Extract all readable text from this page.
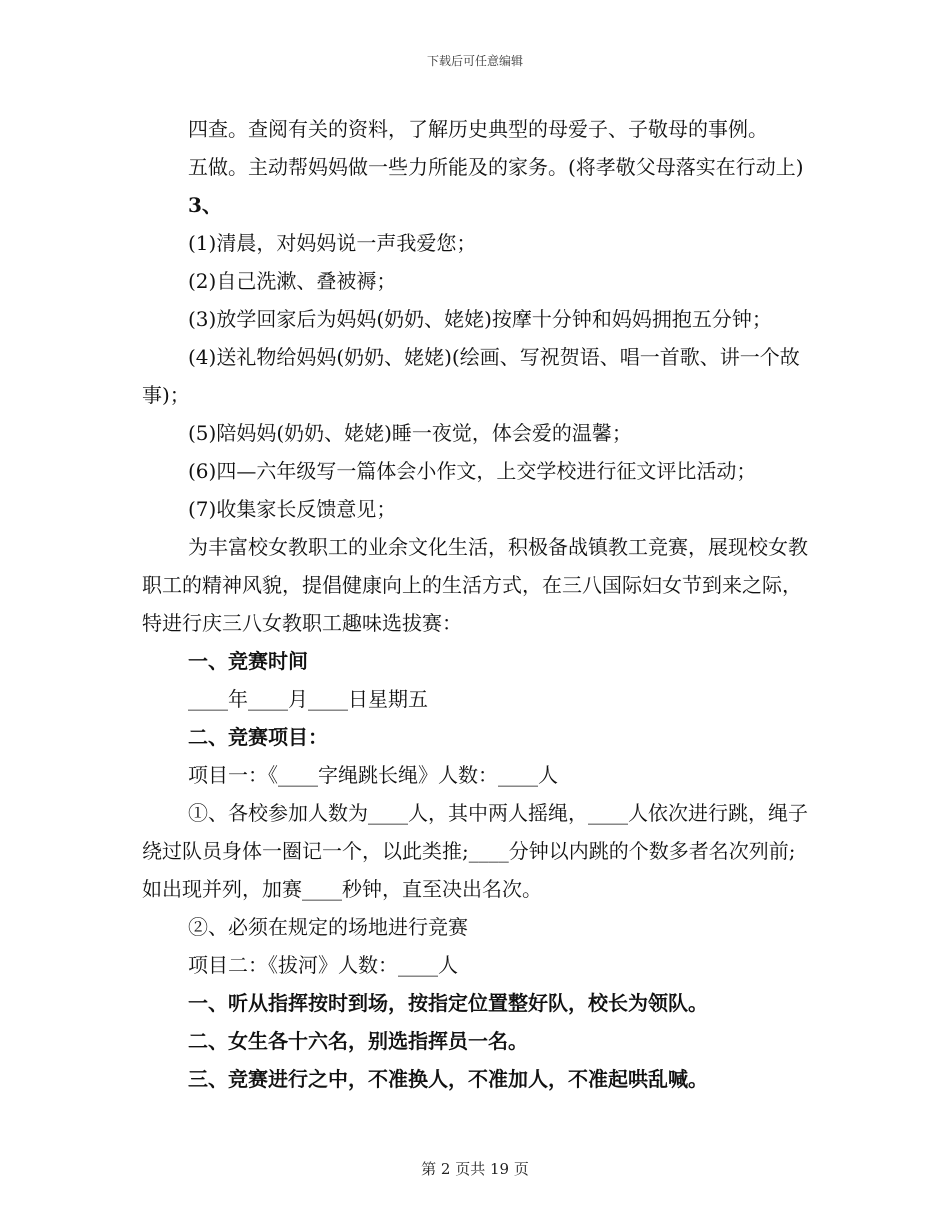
下载后可任意编辑

四查。查阅有关的资料，了解历史典型的母爱子、子敬母的事例。

五做。主动帮妈妈做一些力所能及的家务。(将孝敬父母落实在行动上)

3、

(1)清晨，对妈妈说一声我爱您；

(2)自己洗漱、叠被褥；

(3)放学回家后为妈妈(奶奶、姥姥)按摩十分钟和妈妈拥抱五分钟；

(4)送礼物给妈妈(奶奶、姥姥)(绘画、写祝贺语、唱一首歌、讲一个故事)；

(5)陪妈妈(奶奶、姥姥)睡一夜觉，体会爱的温馨；

(6)四—六年级写一篇体会小作文，上交学校进行征文评比活动；

(7)收集家长反馈意见；

为丰富校女教职工的业余文化生活，积极备战镇教工竞赛，展现校女教职工的精神风貌，提倡健康向上的生活方式，在三八国际妇女节到来之际，特进行庆三八女教职工趣味选拔赛：

一、竞赛时间

____年____月____日星期五

二、竞赛项目：

项目一：《____字绳跳长绳》人数：____人

①、各校参加人数为____人，其中两人摇绳，____人依次进行跳，绳子绕过队员身体一圈记一个，以此类推;____分钟以内跳的个数多者名次列前;如出现并列，加赛____秒钟，直至决出名次。

②、必须在规定的场地进行竞赛

项目二：《拔河》人数：____人

一、听从指挥按时到场，按指定位置整好队，校长为领队。

二、女生各十六名，别选指挥员一名。

三、竞赛进行之中，不准换人，不准加人，不准起哄乱喊。

第 2 页共 19 页
